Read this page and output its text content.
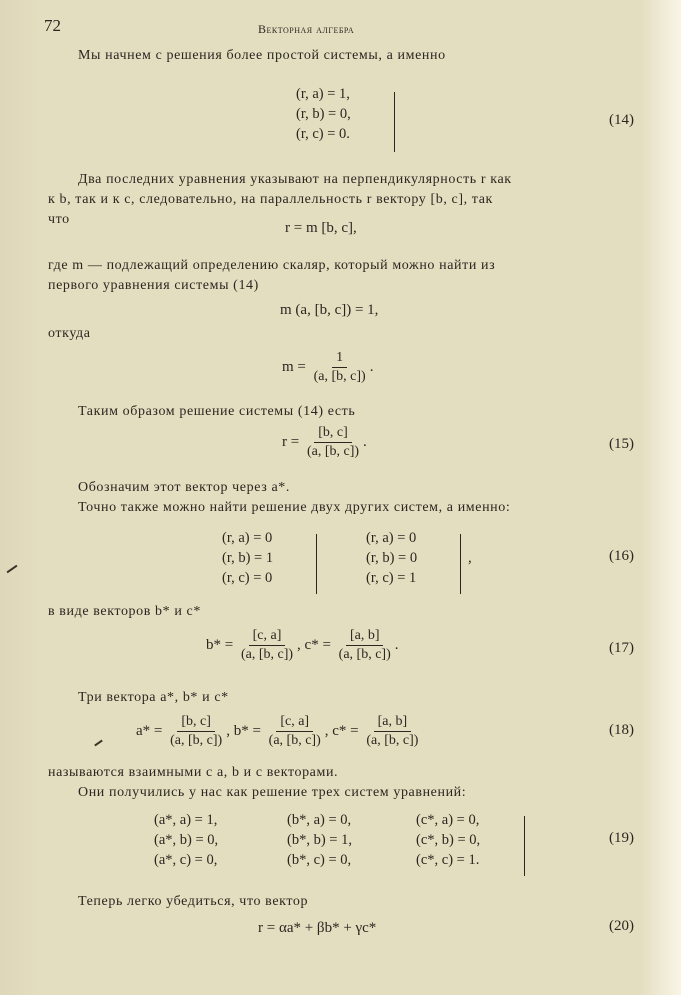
72	Векторная алгебра
Мы начнем с решения более простой системы, а именно
(r, a) = 1,
(r, b) = 0,
(r, c) = 0.
(14)
Два последних уравнения указывают на перпендикулярность r как
к b, так и к c, следовательно, на параллельность r вектору [b, c], так
что
r = m [b, c],
где m — подлежащий определению скаляр, который можно найти из
первого уравнения системы (14)
m (a, [b, c]) = 1,
откуда
$m = \frac{1}{(a, [b, c])}$ .
Таким образом решение системы (14) есть
$r = \frac{[b, c]}{(a, [b, c])}$ .	(15)
Обозначим этот вектор через a*.
Точно также можно найти решение двух других систем, а именно:
(r, a) = 0
(r, b) = 1
(r, c) = 0
(r, a) = 0
(r, b) = 0
(r, c) = 1
,	(16)
в виде векторов b* и c*
$b* = \frac{[c, a]}{(a, [b, c])}$ , $c* = \frac{[a, b]}{(a, [b, c])}$ .	(17)
Три вектора a*, b* и c*
$a* = \frac{[b, c]}{(a, [b, c])}$ , $b* = \frac{[c, a]}{(a, [b, c])}$ , $c* = \frac{[a, b]}{(a, [b, c])}$	(18)
называются взаимными с a, b и c векторами.
Они получились у нас как решение трех систем уравнений:
(a*, a) = 1,
(a*, b) = 0,
(a*, c) = 0,
(b*, a) = 0,
(b*, b) = 1,
(b*, c) = 0,
(c*, a) = 0,
(c*, b) = 0,
(c*, c) = 1.
(19)
Теперь легко убедиться, что вектор
r = αa* + βb* + γc*	(20)
